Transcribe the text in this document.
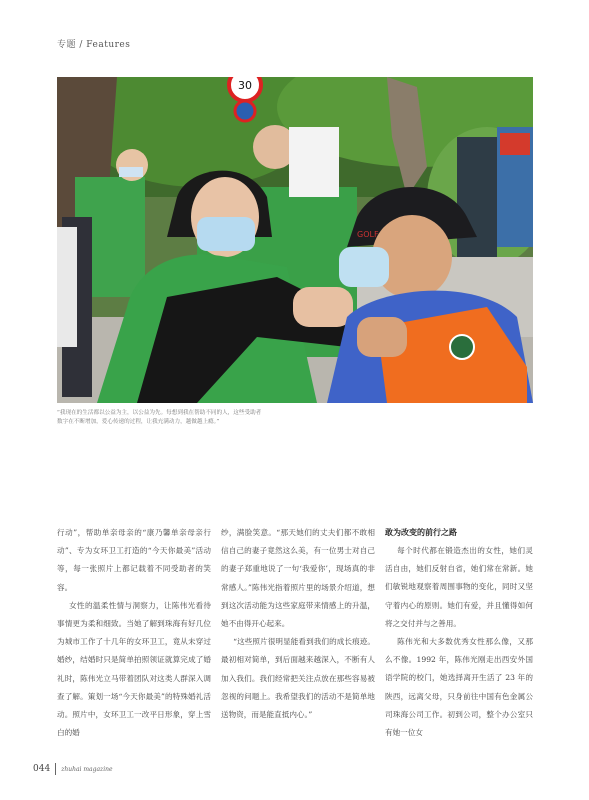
专题 / Features
30
GOLF
“我现在的生活都以公益为主，以公益为先。每想到我在帮助不同的人，这些受助者
数字在不断增加，爱心传递的过程，让我充满动力，越做越上瘾。”

行动”，帮助单亲母亲的“康乃馨单亲母亲行动”、专为女环卫工打造的“今天你最美”活动等，每一张照片上都记载着不同受助者的笑容。

女性的温柔性情与洞察力，让陈伟光看待事情更为柔和细致。当她了解到珠海有好几位为城市工作了十几年的女环卫工，竟从未穿过婚纱，结婚时只是简单拍照领证就算完成了婚礼时，陈伟光立马带着团队对这类人群深入调查了解。策划一场“今天你最美”的特殊婚礼活动。照片中，女环卫工一改平日形象，穿上雪白的婚

纱，满脸笑意。“那天她们的丈夫们都不敢相信自己的妻子竟然这么美，有一位男士对自己的妻子郑重地说了一句‘我爱你’，现场真的非常感人。”陈伟光指着照片里的场景介绍道，想到这次活动能为这些家庭带来情感上的升温，她不由得开心起来。

“这些照片很明显能看到我们的成长痕迹。最初相对简单，到后面越来越深入，不断有人加入我们。我们经常把关注点放在那些容易被忽视的问题上。我希望我们的活动不是简单地送物资，而是能直抵内心。”

敢为改变的前行之路

每个时代都在锻造杰出的女性，她们灵活自由，她们反射自省，她们常在常新。她们敏锐地观察着周围事物的变化，同时又坚守着内心的原则。她们有爱，并且懂得如何将之交付并与之善用。

陈伟光和大多数优秀女性那么像，又那么不像。1992 年，陈伟光刚走出西安外国语学院的校门，她选择离开生活了 23 年的陕西，远离父母，只身前往中国有色金属公司珠海公司工作。初到公司，整个办公室只有她一位女

044 zhuhai magazine
